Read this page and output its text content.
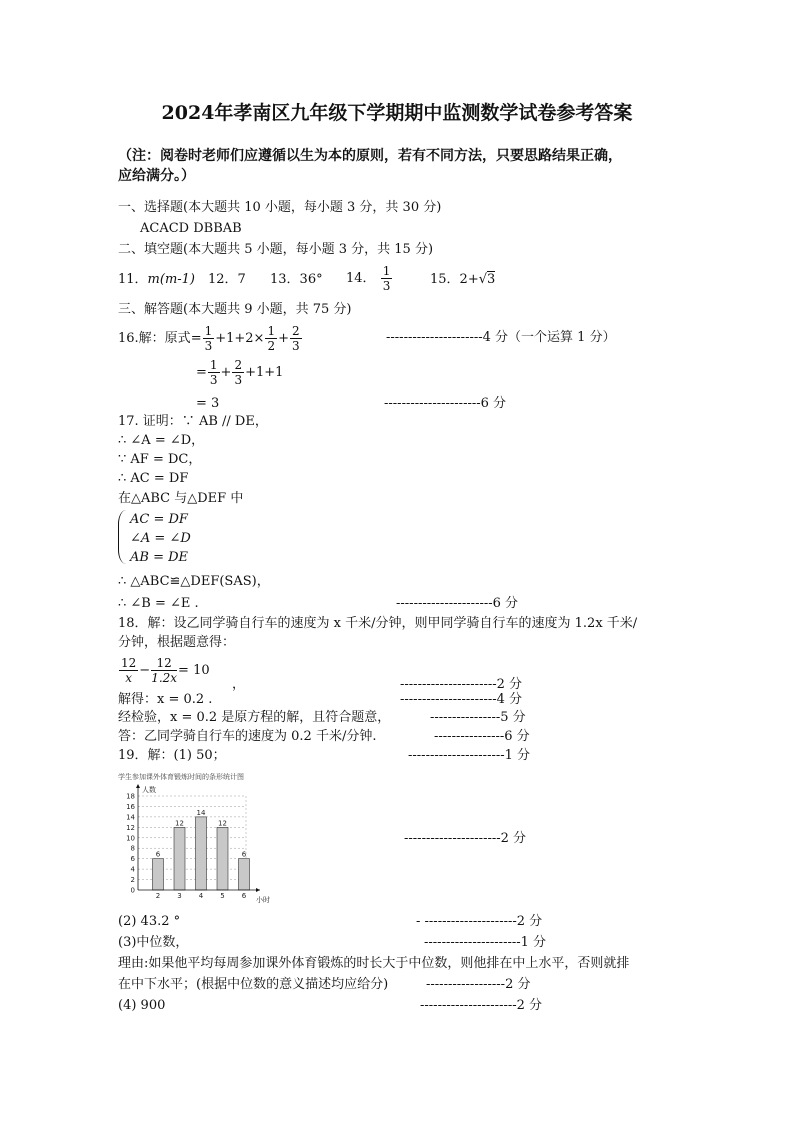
2024年孝南区九年级下学期期中监测数学试卷参考答案
（注：阅卷时老师们应遵循以生为本的原则，若有不同方法，只要思路结果正确，
应给满分。）
一、选择题(本大题共 10 小题，每小题 3 分，共 30 分)
ACACD DBBAB
二、填空题(本大题共 5 小题，每小题 3 分，共 15 分)
11．m(m-1) 12．7 13．36° 14． $\frac{1}{3}$	15．2+√3
三、解答题(本大题共 9 小题，共 75 分)
16.解：原式= $\frac{1}{3} +1+2\times \frac{1}{2} + \frac{2}{3}$	----------------------4 分（一个运算 1 分）
= $\frac{1}{3} + \frac{2}{3} +1+1$
= 3	----------------------6 分
17. 证明：∵ AB // DE，
∴ ∠A = ∠D，
∵ AF = DC，
∴ AC = DF
在△ABC 与△DEF 中
AC = DF
∠A = ∠D
AB = DE
∴ △ABC≌△DEF(SAS)，
∴ ∠B = ∠E .	----------------------6 分
18．解：设乙同学骑自行车的速度为 x 千米/分钟，则甲同学骑自行车的速度为 1.2x 千米/
分钟，根据题意得：
$\frac{12}{x} - \frac{12}{1.2x} = 10$
，	----------------------2 分
解得：x = 0.2 .	----------------------4 分
经检验，x = 0.2 是原方程的解，且符合题意，	----------------5 分
答：乙同学骑自行车的速度为 0.2 千米/分钟.	----------------6 分
19．解：(1) 50；	----------------------1 分
学生参加课外体育锻炼时间的条形统计图
6
12
14
12
6
0
2
4
6
8
10
12
14
16
18
2 3 4 5 6
人数
小时
----------------------2 分
(2) 43.2 °	- ---------------------2 分
(3)中位数，	----------------------1 分
理由:如果他平均每周参加课外体育锻炼的时长大于中位数，则他排在中上水平，否则就排
在中下水平；(根据中位数的意义描述均应给分)	------------------2 分
(4) 900	----------------------2 分
